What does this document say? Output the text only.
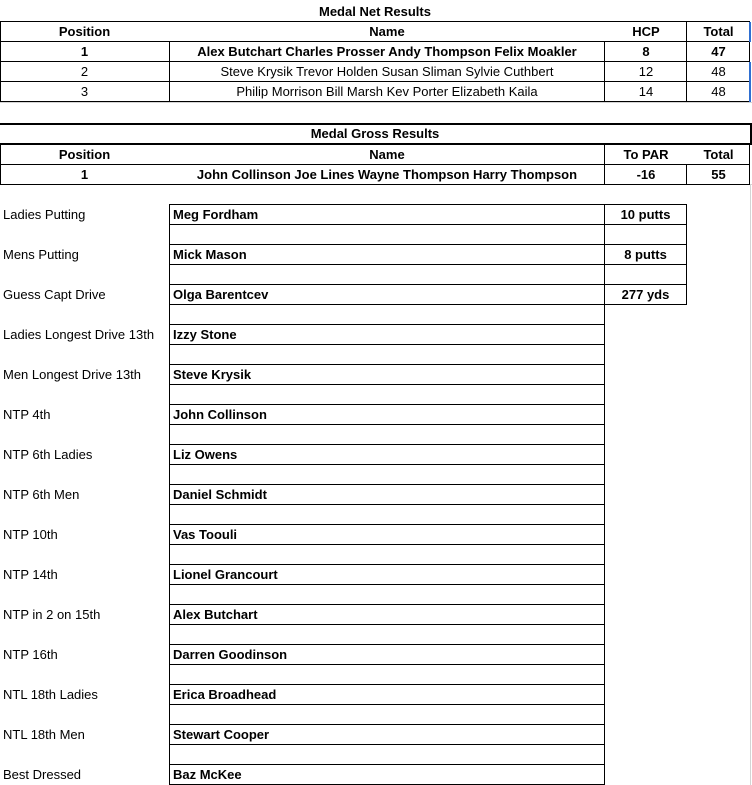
Medal Net Results
Position	Name	HCP	Total
1	Alex Butchart Charles Prosser Andy Thompson Felix Moakler	8	47
2	Steve Krysik Trevor Holden Susan Sliman Sylvie Cuthbert	12	48
3	Philip Morrison Bill Marsh Kev Porter Elizabeth Kaila	14	48
Medal Gross Results
Position	Name	To PAR	Total
1	John Collinson Joe Lines Wayne Thompson Harry Thompson	-16	55
Ladies Putting	Meg Fordham	10 putts
Mens Putting	Mick Mason	8 putts
Guess Capt Drive	Olga Barentcev	277 yds
Ladies Longest Drive 13th	Izzy Stone
Men Longest Drive 13th	Steve Krysik
NTP 4th	John Collinson
NTP 6th Ladies	Liz Owens
NTP 6th Men	Daniel Schmidt
NTP 10th	Vas Toouli
NTP 14th	Lionel Grancourt
NTP in 2 on 15th	Alex Butchart
NTP 16th	Darren Goodinson
NTL 18th Ladies	Erica Broadhead
NTL 18th Men	Stewart Cooper
Best Dressed	Baz McKee
